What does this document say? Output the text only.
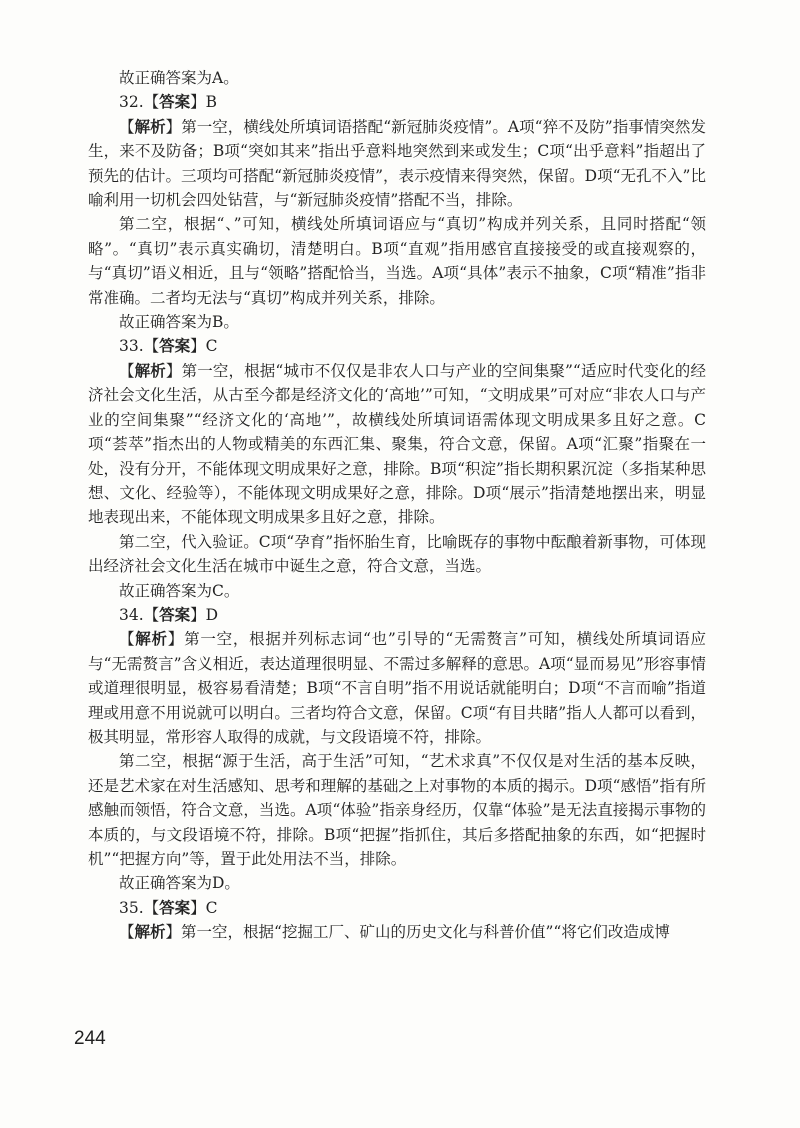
故正确答案为A。

32.【答案】B

【解析】第一空，横线处所填词语搭配“新冠肺炎疫情”。A项“猝不及防”指事情突然发生，来不及防备；B项“突如其来”指出乎意料地突然到来或发生；C项“出乎意料”指超出了预先的估计。三项均可搭配“新冠肺炎疫情”，表示疫情来得突然，保留。D项“无孔不入”比喻利用一切机会四处钻营，与“新冠肺炎疫情”搭配不当，排除。

第二空，根据“、”可知，横线处所填词语应与“真切”构成并列关系，且同时搭配“领略”。“真切”表示真实确切，清楚明白。B项“直观”指用感官直接接受的或直接观察的，与“真切”语义相近，且与“领略”搭配恰当，当选。A项“具体”表示不抽象，C项“精准”指非常准确。二者均无法与“真切”构成并列关系，排除。

故正确答案为B。

33.【答案】C

【解析】第一空，根据“城市不仅仅是非农人口与产业的空间集聚”“适应时代变化的经济社会文化生活，从古至今都是经济文化的‘高地’”可知，“文明成果”可对应“非农人口与产业的空间集聚”“经济文化的‘高地’”，故横线处所填词语需体现文明成果多且好之意。C项“荟萃”指杰出的人物或精美的东西汇集、聚集，符合文意，保留。A项“汇聚”指聚在一处，没有分开，不能体现文明成果好之意，排除。B项“积淀”指长期积累沉淀（多指某种思想、文化、经验等），不能体现文明成果好之意，排除。D项“展示”指清楚地摆出来，明显地表现出来，不能体现文明成果多且好之意，排除。

第二空，代入验证。C项“孕育”指怀胎生育，比喻既存的事物中酝酿着新事物，可体现出经济社会文化生活在城市中诞生之意，符合文意，当选。

故正确答案为C。

34.【答案】D

【解析】第一空，根据并列标志词“也”引导的“无需赘言”可知，横线处所填词语应与“无需赘言”含义相近，表达道理很明显、不需过多解释的意思。A项“显而易见”形容事情或道理很明显，极容易看清楚；B项“不言自明”指不用说话就能明白；D项“不言而喻”指道理或用意不用说就可以明白。三者均符合文意，保留。C项“有目共睹”指人人都可以看到，极其明显，常形容人取得的成就，与文段语境不符，排除。

第二空，根据“源于生活，高于生活”可知，“艺术求真”不仅仅是对生活的基本反映，还是艺术家在对生活感知、思考和理解的基础之上对事物的本质的揭示。D项“感悟”指有所感触而领悟，符合文意，当选。A项“体验”指亲身经历，仅靠“体验”是无法直接揭示事物的本质的，与文段语境不符，排除。B项“把握”指抓住，其后多搭配抽象的东西，如“把握时机”“把握方向”等，置于此处用法不当，排除。

故正确答案为D。

35.【答案】C

【解析】第一空，根据“挖掘工厂、矿山的历史文化与科普价值”“将它们改造成博

244
